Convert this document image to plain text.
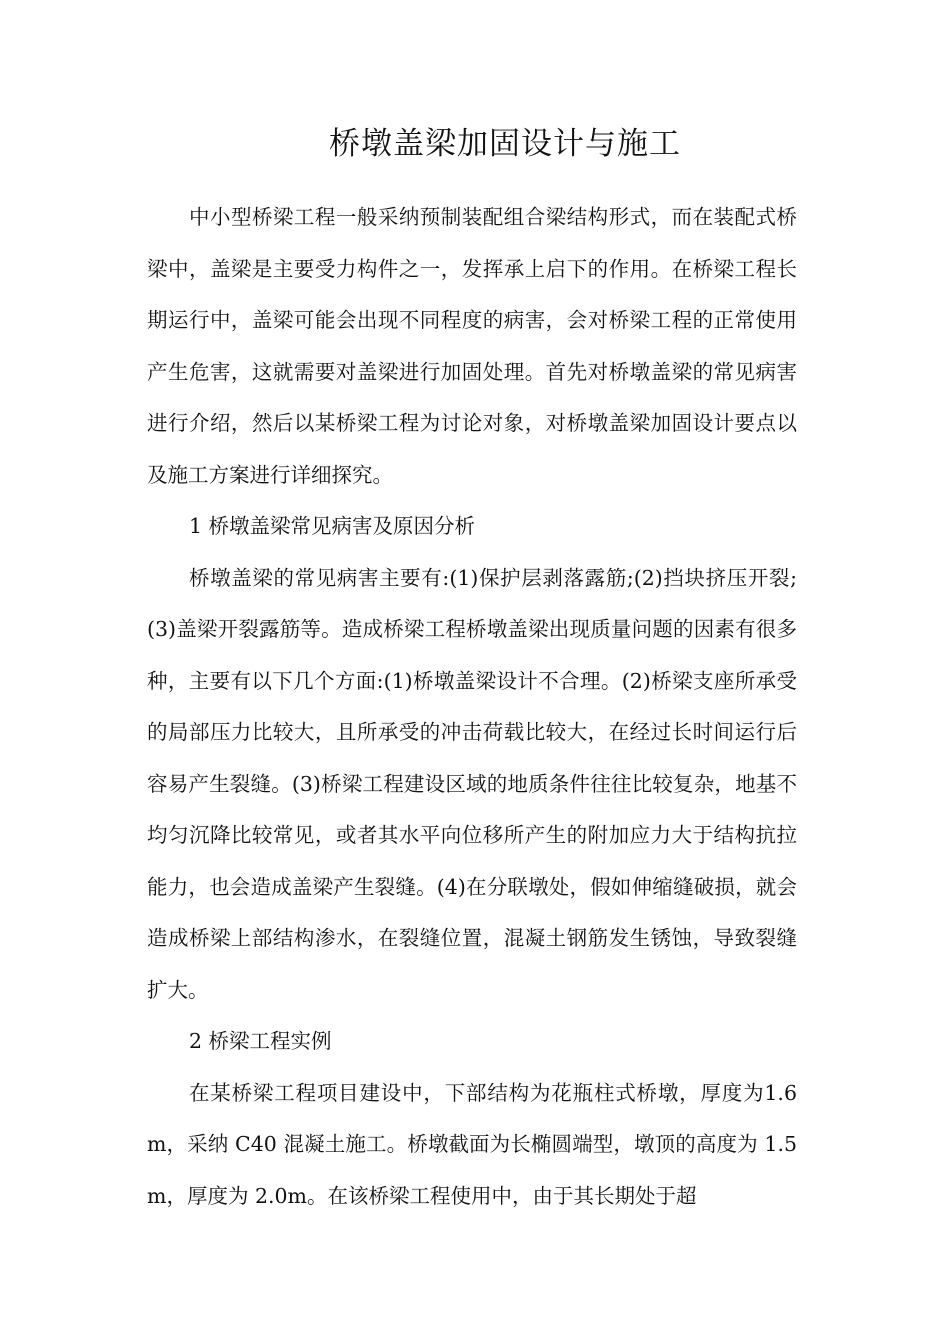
桥墩盖梁加固设计与施工

中小型桥梁工程一般采纳预制装配组合梁结构形式，而在装配式桥梁中，盖梁是主要受力构件之一，发挥承上启下的作用。在桥梁工程长期运行中，盖梁可能会出现不同程度的病害，会对桥梁工程的正常使用产生危害，这就需要对盖梁进行加固处理。首先对桥墩盖梁的常见病害进行介绍，然后以某桥梁工程为讨论对象，对桥墩盖梁加固设计要点以及施工方案进行详细探究。

1 桥墩盖梁常见病害及原因分析

桥墩盖梁的常见病害主要有:(1)保护层剥落露筋;(2)挡块挤压开裂;(3)盖梁开裂露筋等。造成桥梁工程桥墩盖梁出现质量问题的因素有很多种，主要有以下几个方面:(1)桥墩盖梁设计不合理。(2)桥梁支座所承受的局部压力比较大，且所承受的冲击荷载比较大，在经过长时间运行后容易产生裂缝。(3)桥梁工程建设区域的地质条件往往比较复杂，地基不均匀沉降比较常见，或者其水平向位移所产生的附加应力大于结构抗拉能力，也会造成盖梁产生裂缝。(4)在分联墩处，假如伸缩缝破损，就会造成桥梁上部结构渗水，在裂缝位置，混凝土钢筋发生锈蚀，导致裂缝扩大。

2 桥梁工程实例

在某桥梁工程项目建设中，下部结构为花瓶柱式桥墩，厚度为1.6m，采纳 C40 混凝土施工。桥墩截面为长椭圆端型，墩顶的高度为 1.5m，厚度为 2.0m。在该桥梁工程使用中，由于其长期处于超
